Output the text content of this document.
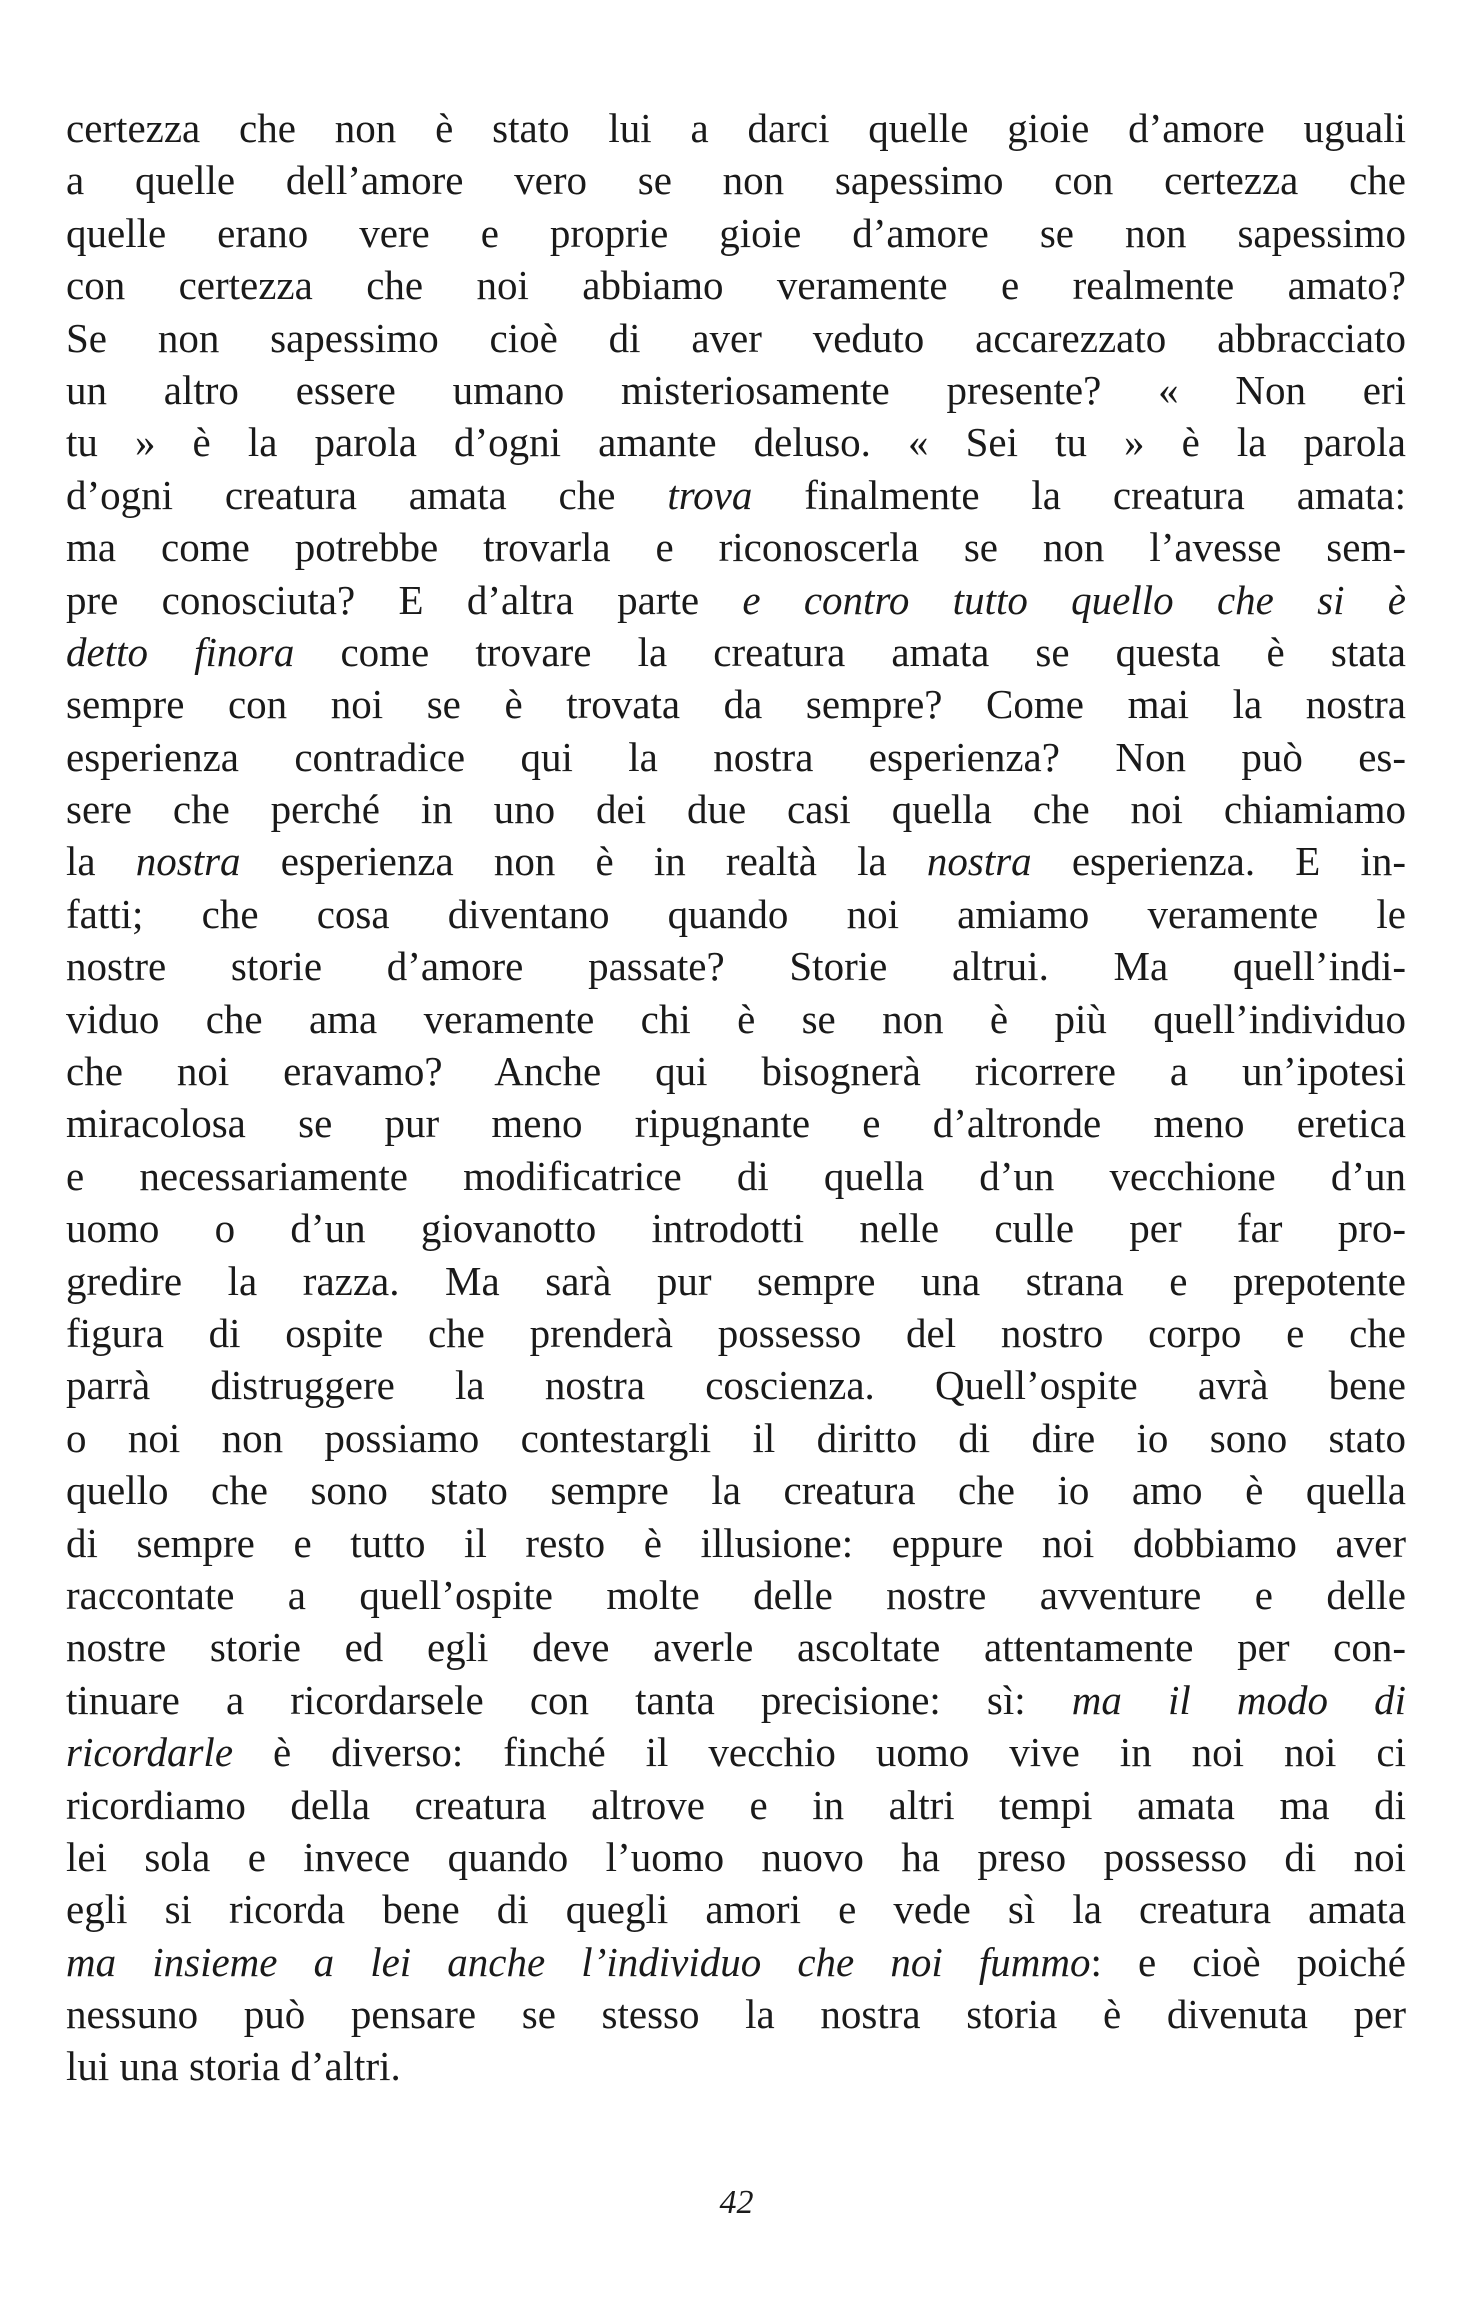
certezza che non è stato lui a darci quelle gioie d’amore uguali
a quelle dell’amore vero se non sapessimo con certezza che
quelle erano vere e proprie gioie d’amore se non sapessimo
con certezza che noi abbiamo veramente e realmente amato?
Se non sapessimo cioè di aver veduto accarezzato abbracciato
un altro essere umano misteriosamente presente? « Non eri
tu » è la parola d’ogni amante deluso. « Sei tu » è la parola
d’ogni creatura amata che trova finalmente la creatura amata:
ma come potrebbe trovarla e riconoscerla se non l’avesse sem-
pre conosciuta? E d’altra parte e contro tutto quello che si è
detto finora come trovare la creatura amata se questa è stata
sempre con noi se è trovata da sempre? Come mai la nostra
esperienza contradice qui la nostra esperienza? Non può es-
sere che perché in uno dei due casi quella che noi chiamiamo
la nostra esperienza non è in realtà la nostra esperienza. E in-
fatti; che cosa diventano quando noi amiamo veramente le
nostre storie d’amore passate? Storie altrui. Ma quell’indi-
viduo che ama veramente chi è se non è più quell’individuo
che noi eravamo? Anche qui bisognerà ricorrere a un’ipotesi
miracolosa se pur meno ripugnante e d’altronde meno eretica
e necessariamente modificatrice di quella d’un vecchione d’un
uomo o d’un giovanotto introdotti nelle culle per far pro-
gredire la razza. Ma sarà pur sempre una strana e prepotente
figura di ospite che prenderà possesso del nostro corpo e che
parrà distruggere la nostra coscienza. Quell’ospite avrà bene
o noi non possiamo contestargli il diritto di dire io sono stato
quello che sono stato sempre la creatura che io amo è quella
di sempre e tutto il resto è illusione: eppure noi dobbiamo aver
raccontate a quell’ospite molte delle nostre avventure e delle
nostre storie ed egli deve averle ascoltate attentamente per con-
tinuare a ricordarsele con tanta precisione: sì: ma il modo di
ricordarle è diverso: finché il vecchio uomo vive in noi noi ci
ricordiamo della creatura altrove e in altri tempi amata ma di
lei sola e invece quando l’uomo nuovo ha preso possesso di noi
egli si ricorda bene di quegli amori e vede sì la creatura amata
ma insieme a lei anche l’individuo che noi fummo: e cioè poiché
nessuno può pensare se stesso la nostra storia è divenuta per
lui una storia d’altri.
42
